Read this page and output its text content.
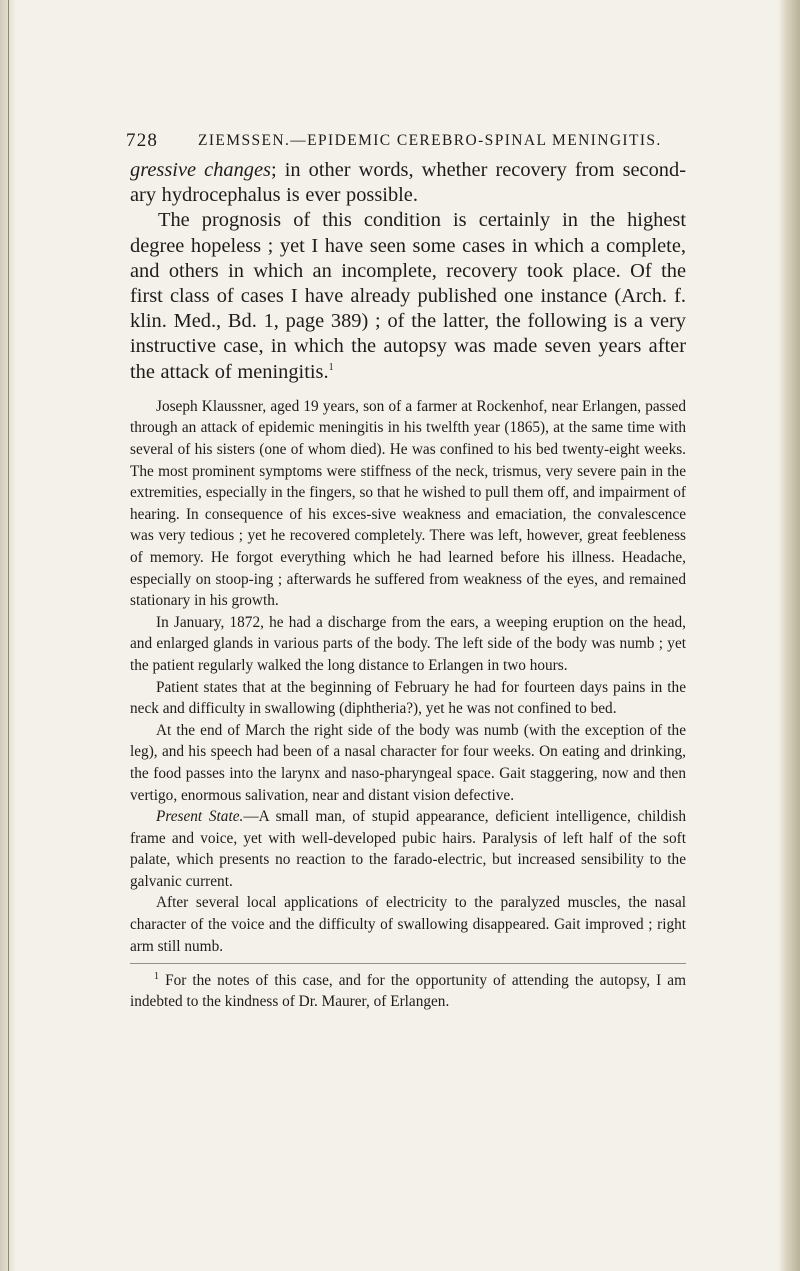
728	ZIEMSSEN.—EPIDEMIC CEREBRO-SPINAL MENINGITIS.

gressive changes; in other words, whether recovery from second-ary hydrocephalus is ever possible.

The prognosis of this condition is certainly in the highest degree hopeless ; yet I have seen some cases in which a complete, and others in which an incomplete, recovery took place. Of the first class of cases I have already published one instance (Arch. f. klin. Med., Bd. 1, page 389) ; of the latter, the following is a very instructive case, in which the autopsy was made seven years after the attack of meningitis.$^1$

Joseph Klaussner, aged 19 years, son of a farmer at Rockenhof, near Erlangen, passed through an attack of epidemic meningitis in his twelfth year (1865), at the same time with several of his sisters (one of whom died). He was confined to his bed twenty-eight weeks. The most prominent symptoms were stiffness of the neck, trismus, very severe pain in the extremities, especially in the fingers, so that he wished to pull them off, and impairment of hearing. In consequence of his exces-sive weakness and emaciation, the convalescence was very tedious ; yet he recovered completely. There was left, however, great feebleness of memory. He forgot everything which he had learned before his illness. Headache, especially on stoop-ing ; afterwards he suffered from weakness of the eyes, and remained stationary in his growth.

In January, 1872, he had a discharge from the ears, a weeping eruption on the head, and enlarged glands in various parts of the body. The left side of the body was numb ; yet the patient regularly walked the long distance to Erlangen in two hours.

Patient states that at the beginning of February he had for fourteen days pains in the neck and difficulty in swallowing (diphtheria?), yet he was not confined to bed.

At the end of March the right side of the body was numb (with the exception of the leg), and his speech had been of a nasal character for four weeks. On eating and drinking, the food passes into the larynx and naso-pharyngeal space. Gait staggering, now and then vertigo, enormous salivation, near and distant vision defective.

Present State.—A small man, of stupid appearance, deficient intelligence, childish frame and voice, yet with well-developed pubic hairs. Paralysis of left half of the soft palate, which presents no reaction to the farado-electric, but increased sensibility to the galvanic current.

After several local applications of electricity to the paralyzed muscles, the nasal character of the voice and the difficulty of swallowing disappeared. Gait improved ; right arm still numb.

$^1$ For the notes of this case, and for the opportunity of attending the autopsy, I am indebted to the kindness of Dr. Maurer, of Erlangen.
